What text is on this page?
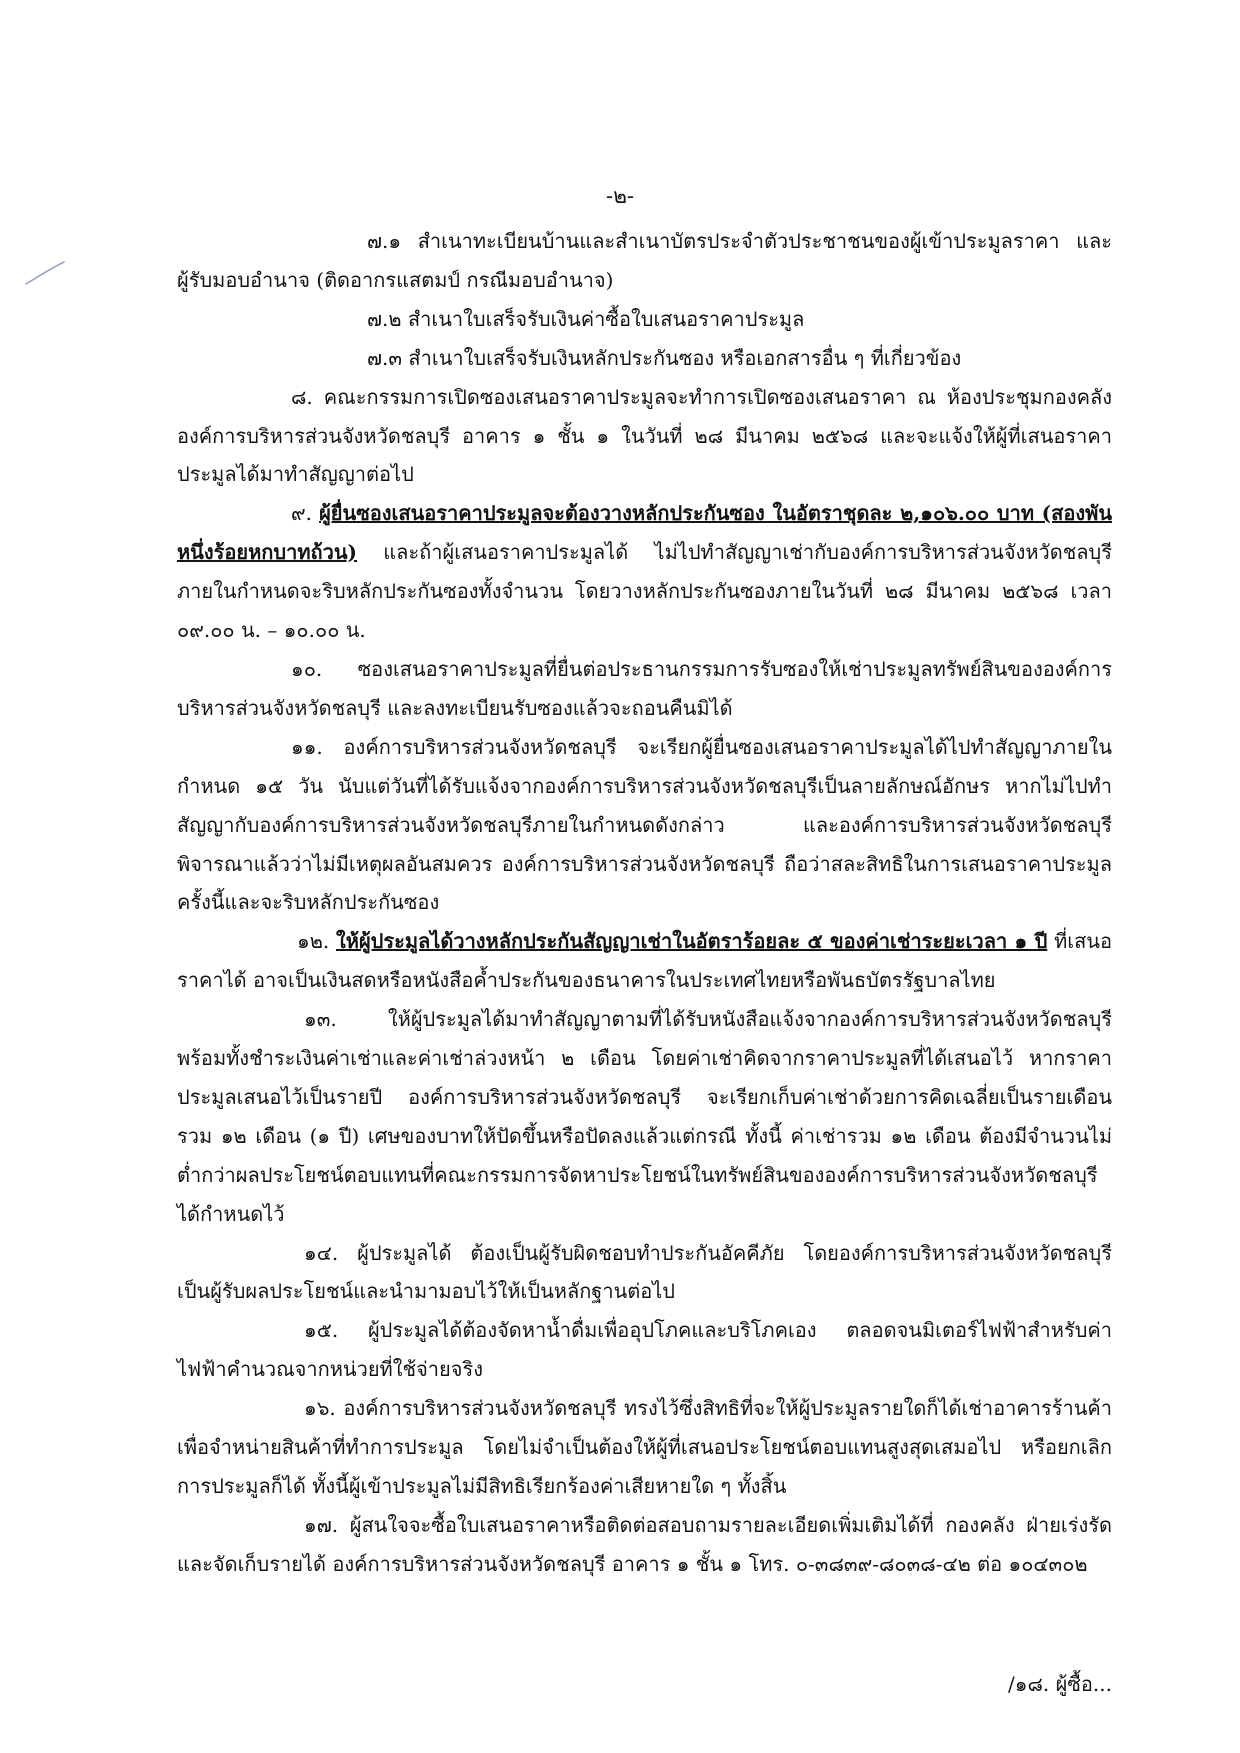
-๒-

๗.๑ สำเนาทะเบียนบ้านและสำเนาบัตรประจำตัวประชาชนของผู้เข้าประมูลราคา และผู้รับมอบอำนาจ (ติดอากรแสตมป์ กรณีมอบอำนาจ)

๗.๒ สำเนาใบเสร็จรับเงินค่าซื้อใบเสนอราคาประมูล

๗.๓ สำเนาใบเสร็จรับเงินหลักประกันซอง หรือเอกสารอื่น ๆ ที่เกี่ยวข้อง

๘. คณะกรรมการเปิดซองเสนอราคาประมูลจะทำการเปิดซองเสนอราคา ณ ห้องประชุมกองคลัง องค์การบริหารส่วนจังหวัดชลบุรี อาคาร ๑ ชั้น ๑ ในวันที่ ๒๘ มีนาคม ๒๕๖๘ และจะแจ้งให้ผู้ที่เสนอราคาประมูลได้มาทำสัญญาต่อไป

๙. ผู้ยื่นซองเสนอราคาประมูลจะต้องวางหลักประกันซอง ในอัตราชุดละ ๒,๑๐๖.๐๐ บาท (สองพันหนึ่งร้อยหกบาทถ้วน) และถ้าผู้เสนอราคาประมูลได้ ไม่ไปทำสัญญาเช่ากับองค์การบริหารส่วนจังหวัดชลบุรีภายในกำหนดจะริบหลักประกันซองทั้งจำนวน โดยวางหลักประกันซองภายในวันที่ ๒๘ มีนาคม ๒๕๖๘ เวลา ๐๙.๐๐ น. – ๑๐.๐๐ น.

๑๐. ซองเสนอราคาประมูลที่ยื่นต่อประธานกรรมการรับซองให้เช่าประมูลทรัพย์สินขององค์การบริหารส่วนจังหวัดชลบุรี และลงทะเบียนรับซองแล้วจะถอนคืนมิได้

๑๑. องค์การบริหารส่วนจังหวัดชลบุรี จะเรียกผู้ยื่นซองเสนอราคาประมูลได้ไปทำสัญญาภายในกำหนด ๑๕ วัน นับแต่วันที่ได้รับแจ้งจากองค์การบริหารส่วนจังหวัดชลบุรีเป็นลายลักษณ์อักษร หากไม่ไปทำสัญญากับองค์การบริหารส่วนจังหวัดชลบุรีภายในกำหนดดังกล่าว และองค์การบริหารส่วนจังหวัดชลบุรีพิจารณาแล้วว่าไม่มีเหตุผลอันสมควร องค์การบริหารส่วนจังหวัดชลบุรี ถือว่าสละสิทธิในการเสนอราคาประมูลครั้งนี้และจะริบหลักประกันซอง

๑๒. ให้ผู้ประมูลได้วางหลักประกันสัญญาเช่าในอัตราร้อยละ ๕ ของค่าเช่าระยะเวลา ๑ ปี ที่เสนอราคาได้ อาจเป็นเงินสดหรือหนังสือค้ำประกันของธนาคารในประเทศไทยหรือพันธบัตรรัฐบาลไทย

๑๓. ให้ผู้ประมูลได้มาทำสัญญาตามที่ได้รับหนังสือแจ้งจากองค์การบริหารส่วนจังหวัดชลบุรี พร้อมทั้งชำระเงินค่าเช่าและค่าเช่าล่วงหน้า ๒ เดือน โดยค่าเช่าคิดจากราคาประมูลที่ได้เสนอไว้ หากราคาประมูลเสนอไว้เป็นรายปี องค์การบริหารส่วนจังหวัดชลบุรี จะเรียกเก็บค่าเช่าด้วยการคิดเฉลี่ยเป็นรายเดือน รวม ๑๒ เดือน (๑ ปี) เศษของบาทให้ปัดขึ้นหรือปัดลงแล้วแต่กรณี ทั้งนี้ ค่าเช่ารวม ๑๒ เดือน ต้องมีจำนวนไม่ต่ำกว่าผลประโยชน์ตอบแทนที่คณะกรรมการจัดหาประโยชน์ในทรัพย์สินขององค์การบริหารส่วนจังหวัดชลบุรีได้กำหนดไว้

๑๔. ผู้ประมูลได้ ต้องเป็นผู้รับผิดชอบทำประกันอัคคีภัย โดยองค์การบริหารส่วนจังหวัดชลบุรี เป็นผู้รับผลประโยชน์และนำมามอบไว้ให้เป็นหลักฐานต่อไป

๑๕. ผู้ประมูลได้ต้องจัดหาน้ำดื่มเพื่ออุปโภคและบริโภคเอง ตลอดจนมิเตอร์ไฟฟ้าสำหรับค่าไฟฟ้าคำนวณจากหน่วยที่ใช้จ่ายจริง

๑๖. องค์การบริหารส่วนจังหวัดชลบุรี ทรงไว้ซึ่งสิทธิที่จะให้ผู้ประมูลรายใดก็ได้เช่าอาคารร้านค้าเพื่อจำหน่ายสินค้าที่ทำการประมูล โดยไม่จำเป็นต้องให้ผู้ที่เสนอประโยชน์ตอบแทนสูงสุดเสมอไป หรือยกเลิกการประมูลก็ได้ ทั้งนี้ผู้เข้าประมูลไม่มีสิทธิเรียกร้องค่าเสียหายใด ๆ ทั้งสิ้น

๑๗. ผู้สนใจจะซื้อใบเสนอราคาหรือติดต่อสอบถามรายละเอียดเพิ่มเติมได้ที่ กองคลัง ฝ่ายเร่งรัดและจัดเก็บรายได้ องค์การบริหารส่วนจังหวัดชลบุรี อาคาร ๑ ชั้น ๑ โทร. ๐-๓๘๓๙-๘๐๓๘-๔๒ ต่อ ๑๐๔๓๐๒

/๑๘. ผู้ซื้อ...
